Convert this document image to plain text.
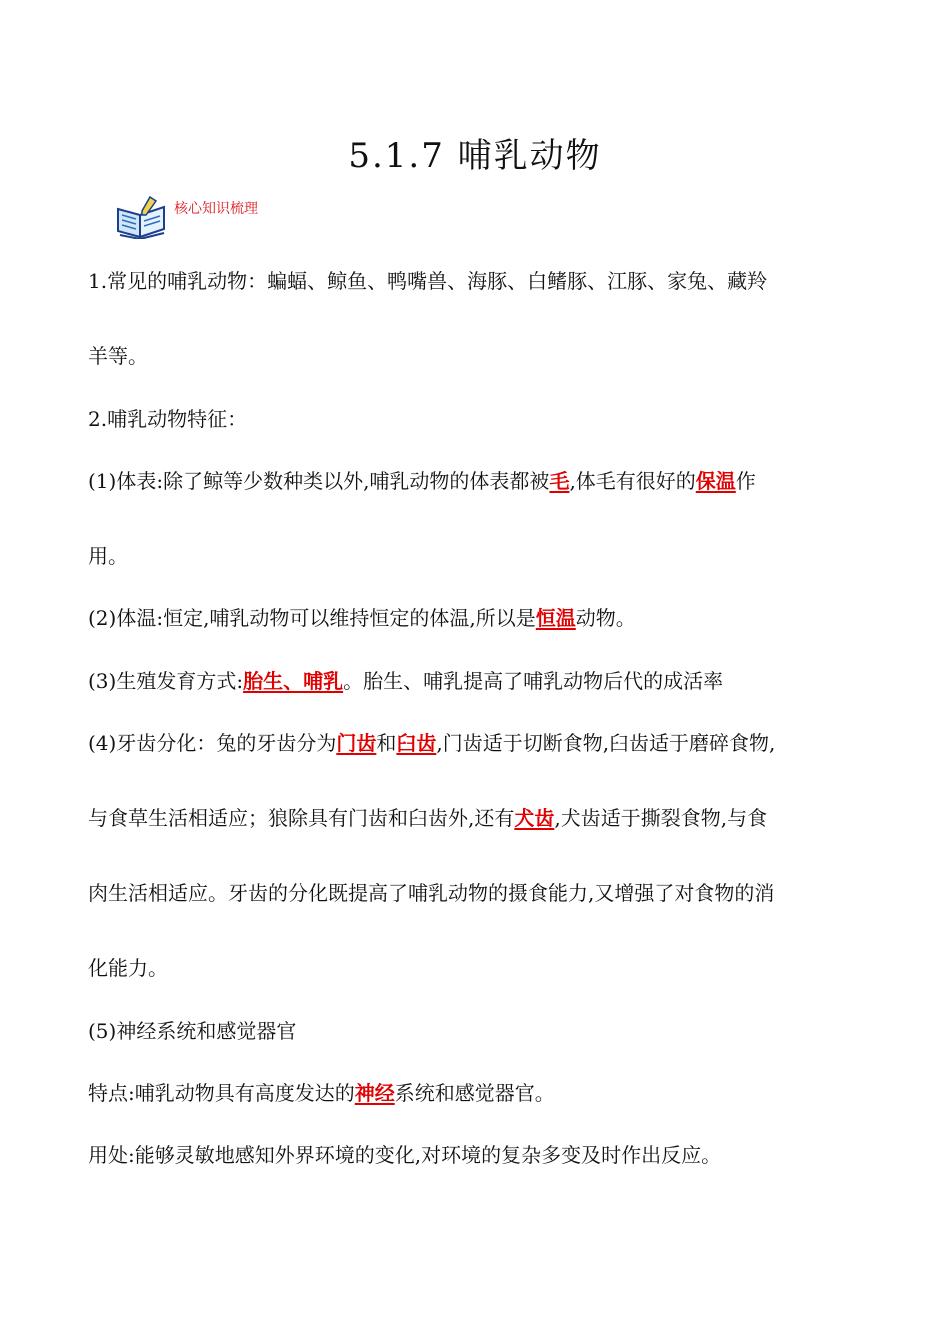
5.1.7 哺乳动物
核心知识梳理
1.常见的哺乳动物：蝙蝠、鲸鱼、鸭嘴兽、海豚、白鳍豚、江豚、家兔、藏羚
羊等。
2.哺乳动物特征：
(1)体表:除了鲸等少数种类以外,哺乳动物的体表都被毛,体毛有很好的保温作
用。
(2)体温:恒定,哺乳动物可以维持恒定的体温,所以是恒温动物。
(3)生殖发育方式:胎生、哺乳。胎生、哺乳提高了哺乳动物后代的成活率
(4)牙齿分化：兔的牙齿分为门齿和臼齿,门齿适于切断食物,臼齿适于磨碎食物,
与食草生活相适应；狼除具有门齿和臼齿外,还有犬齿,犬齿适于撕裂食物,与食
肉生活相适应。牙齿的分化既提高了哺乳动物的摄食能力,又增强了对食物的消
化能力。
(5)神经系统和感觉器官
特点:哺乳动物具有高度发达的神经系统和感觉器官。
用处:能够灵敏地感知外界环境的变化,对环境的复杂多变及时作出反应。
